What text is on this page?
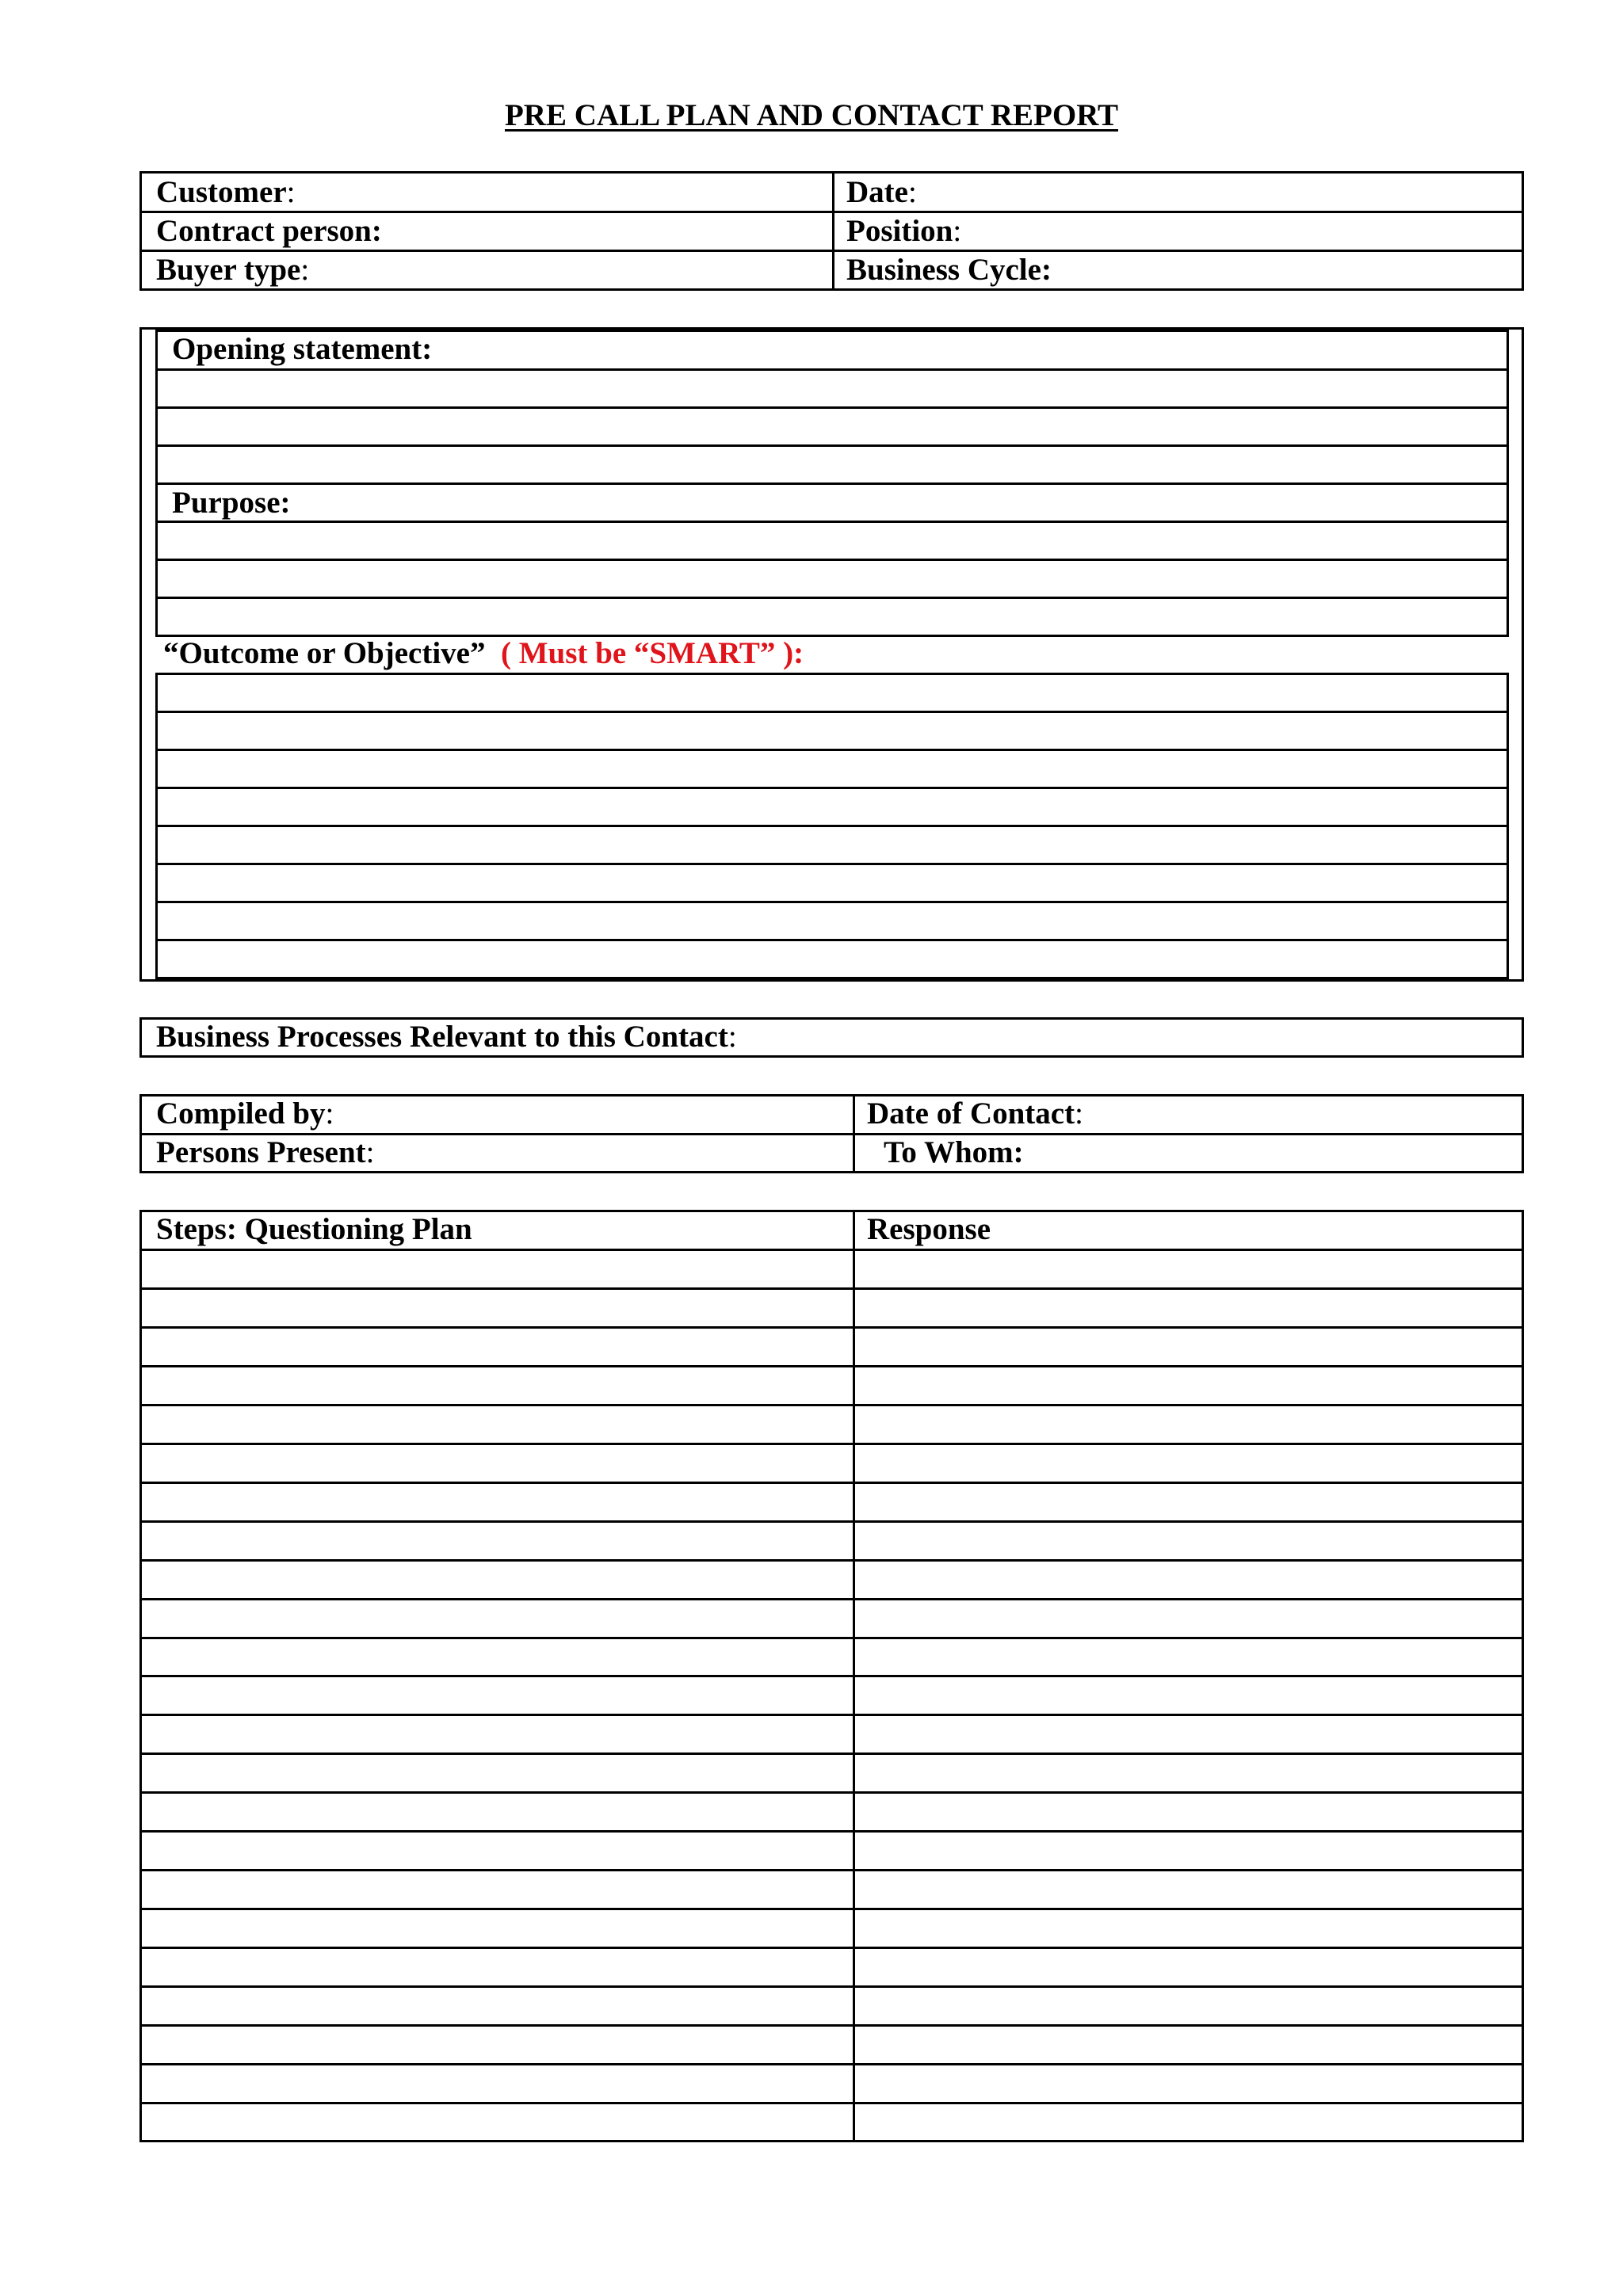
PRE CALL PLAN AND CONTACT REPORT
Customer:	Date:
Contract person:	Position:
Buyer type:	Business Cycle:
Opening statement:
Purpose:
“Outcome or Objective” ( Must be “SMART” ):
Business Processes Relevant to this Contact:
Compiled by:	Date of Contact:
Persons Present:	To Whom:
Steps: Questioning Plan	Response
